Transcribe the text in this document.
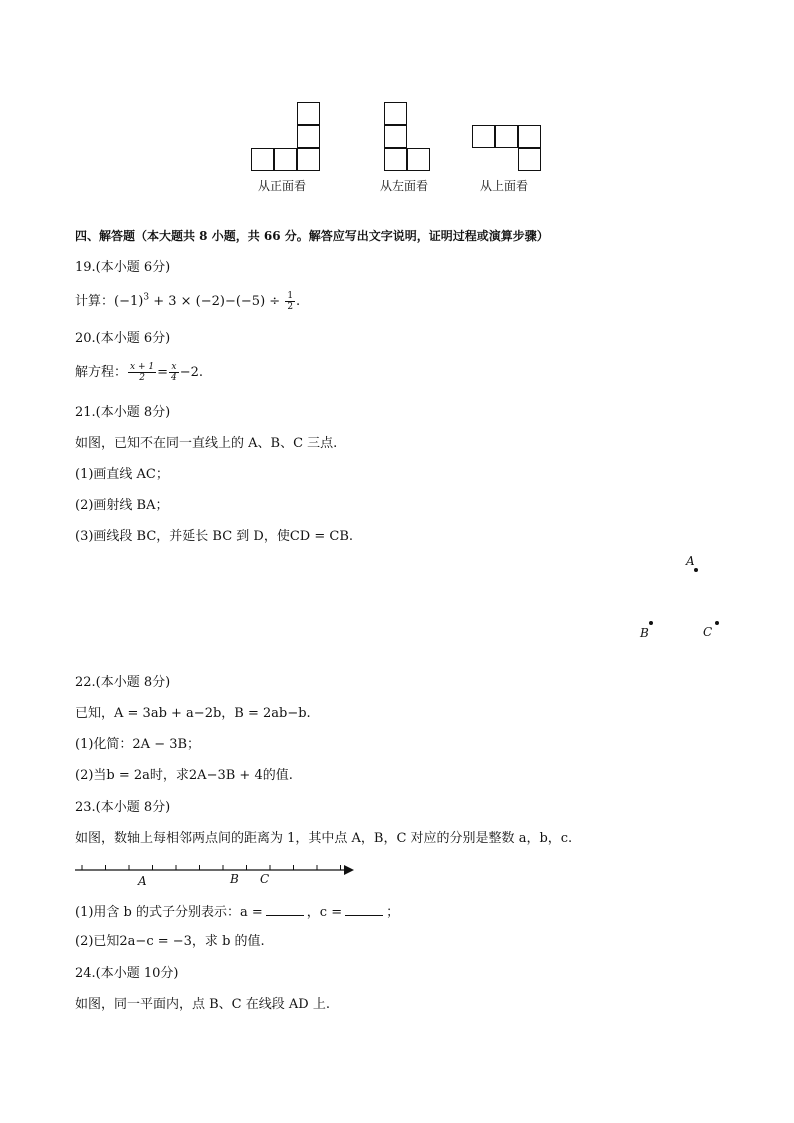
从正面看	从左面看	从上面看
四、解答题（本大题共 8 小题，共 66 分。解答应写出文字说明，证明过程或演算步骤）
19.(本小题 6分)
计算：$(-1)^3 + 3 \times (-2)-(-5) \div \frac{1}{2}$ .
20.(本小题 6分)
解方程： $\frac{x + 1}{2} = \frac{x}{4} -2$.
21.(本小题 8分)
如图，已知不在同一直线上的 A、B、C 三点.
(1)画直线 AC；
(2)画射线 BA；
(3)画线段 BC，并延长 BC 到 D，使CD = CB.
A
B	C
22.(本小题 8分)
已知，A = 3ab + a−2b，B = 2ab−b.
(1)化简：2A − 3B；
(2)当b = 2a时，求2A−3B + 4的值.
23.(本小题 8分)
如图，数轴上每相邻两点间的距离为 1，其中点 A，B，C 对应的分别是整数 a，b，c.
A	B C
(1)用含 b 的式子分别表示：a =	，c =	；
(2)已知2a−c = −3，求 b 的值.
24.(本小题 10分)
如图，同一平面内，点 B、C 在线段 AD 上.
